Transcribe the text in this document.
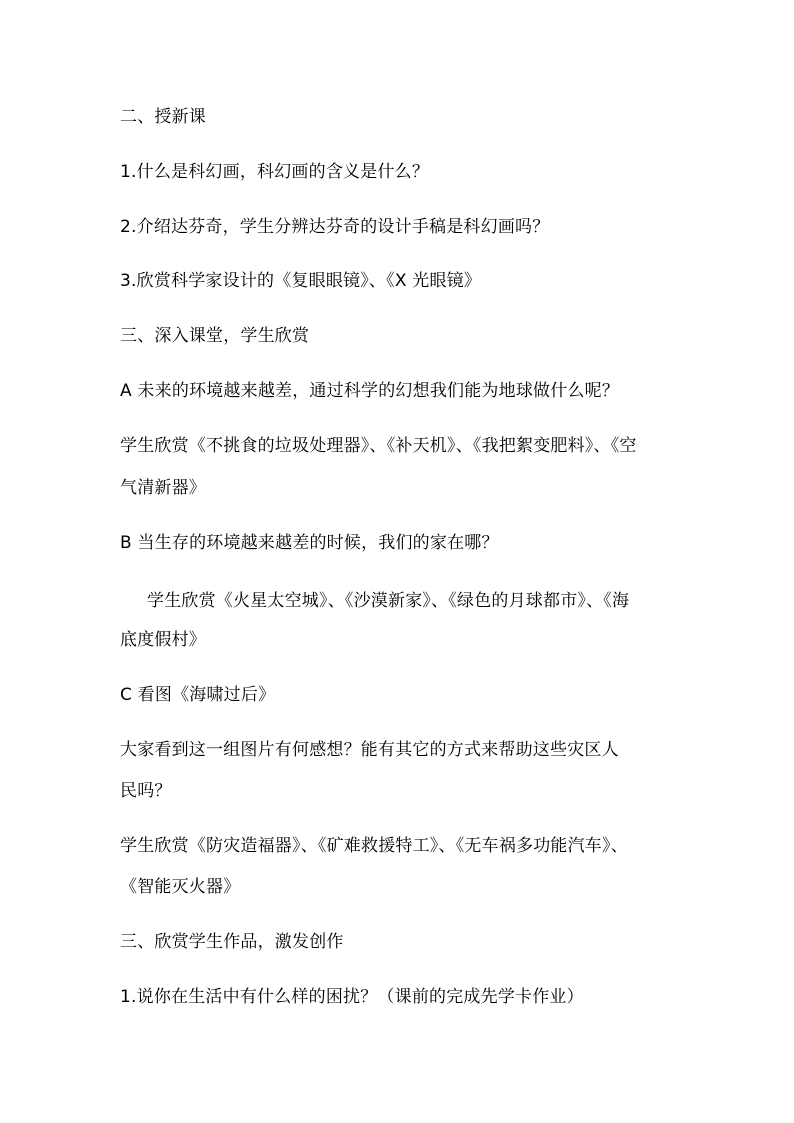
二、授新课
1.什么是科幻画，科幻画的含义是什么？
2.介绍达芬奇，学生分辨达芬奇的设计手稿是科幻画吗？
3.欣赏科学家设计的《复眼眼镜》、《X 光眼镜》
三、深入课堂，学生欣赏
A 未来的环境越来越差，通过科学的幻想我们能为地球做什么呢？
学生欣赏《不挑食的垃圾处理器》、《补天机》、《我把絮变肥料》、《空
气清新器》
B 当生存的环境越来越差的时候，我们的家在哪？
学生欣赏《火星太空城》、《沙漠新家》、《绿色的月球都市》、《海
底度假村》
C 看图《海啸过后》
大家看到这一组图片有何感想？能有其它的方式来帮助这些灾区人
民吗？
学生欣赏《防灾造福器》、《矿难救援特工》、《无车祸多功能汽车》、
《智能灭火器》
三、欣赏学生作品，激发创作
1.说你在生活中有什么样的困扰？（课前的完成先学卡作业）
